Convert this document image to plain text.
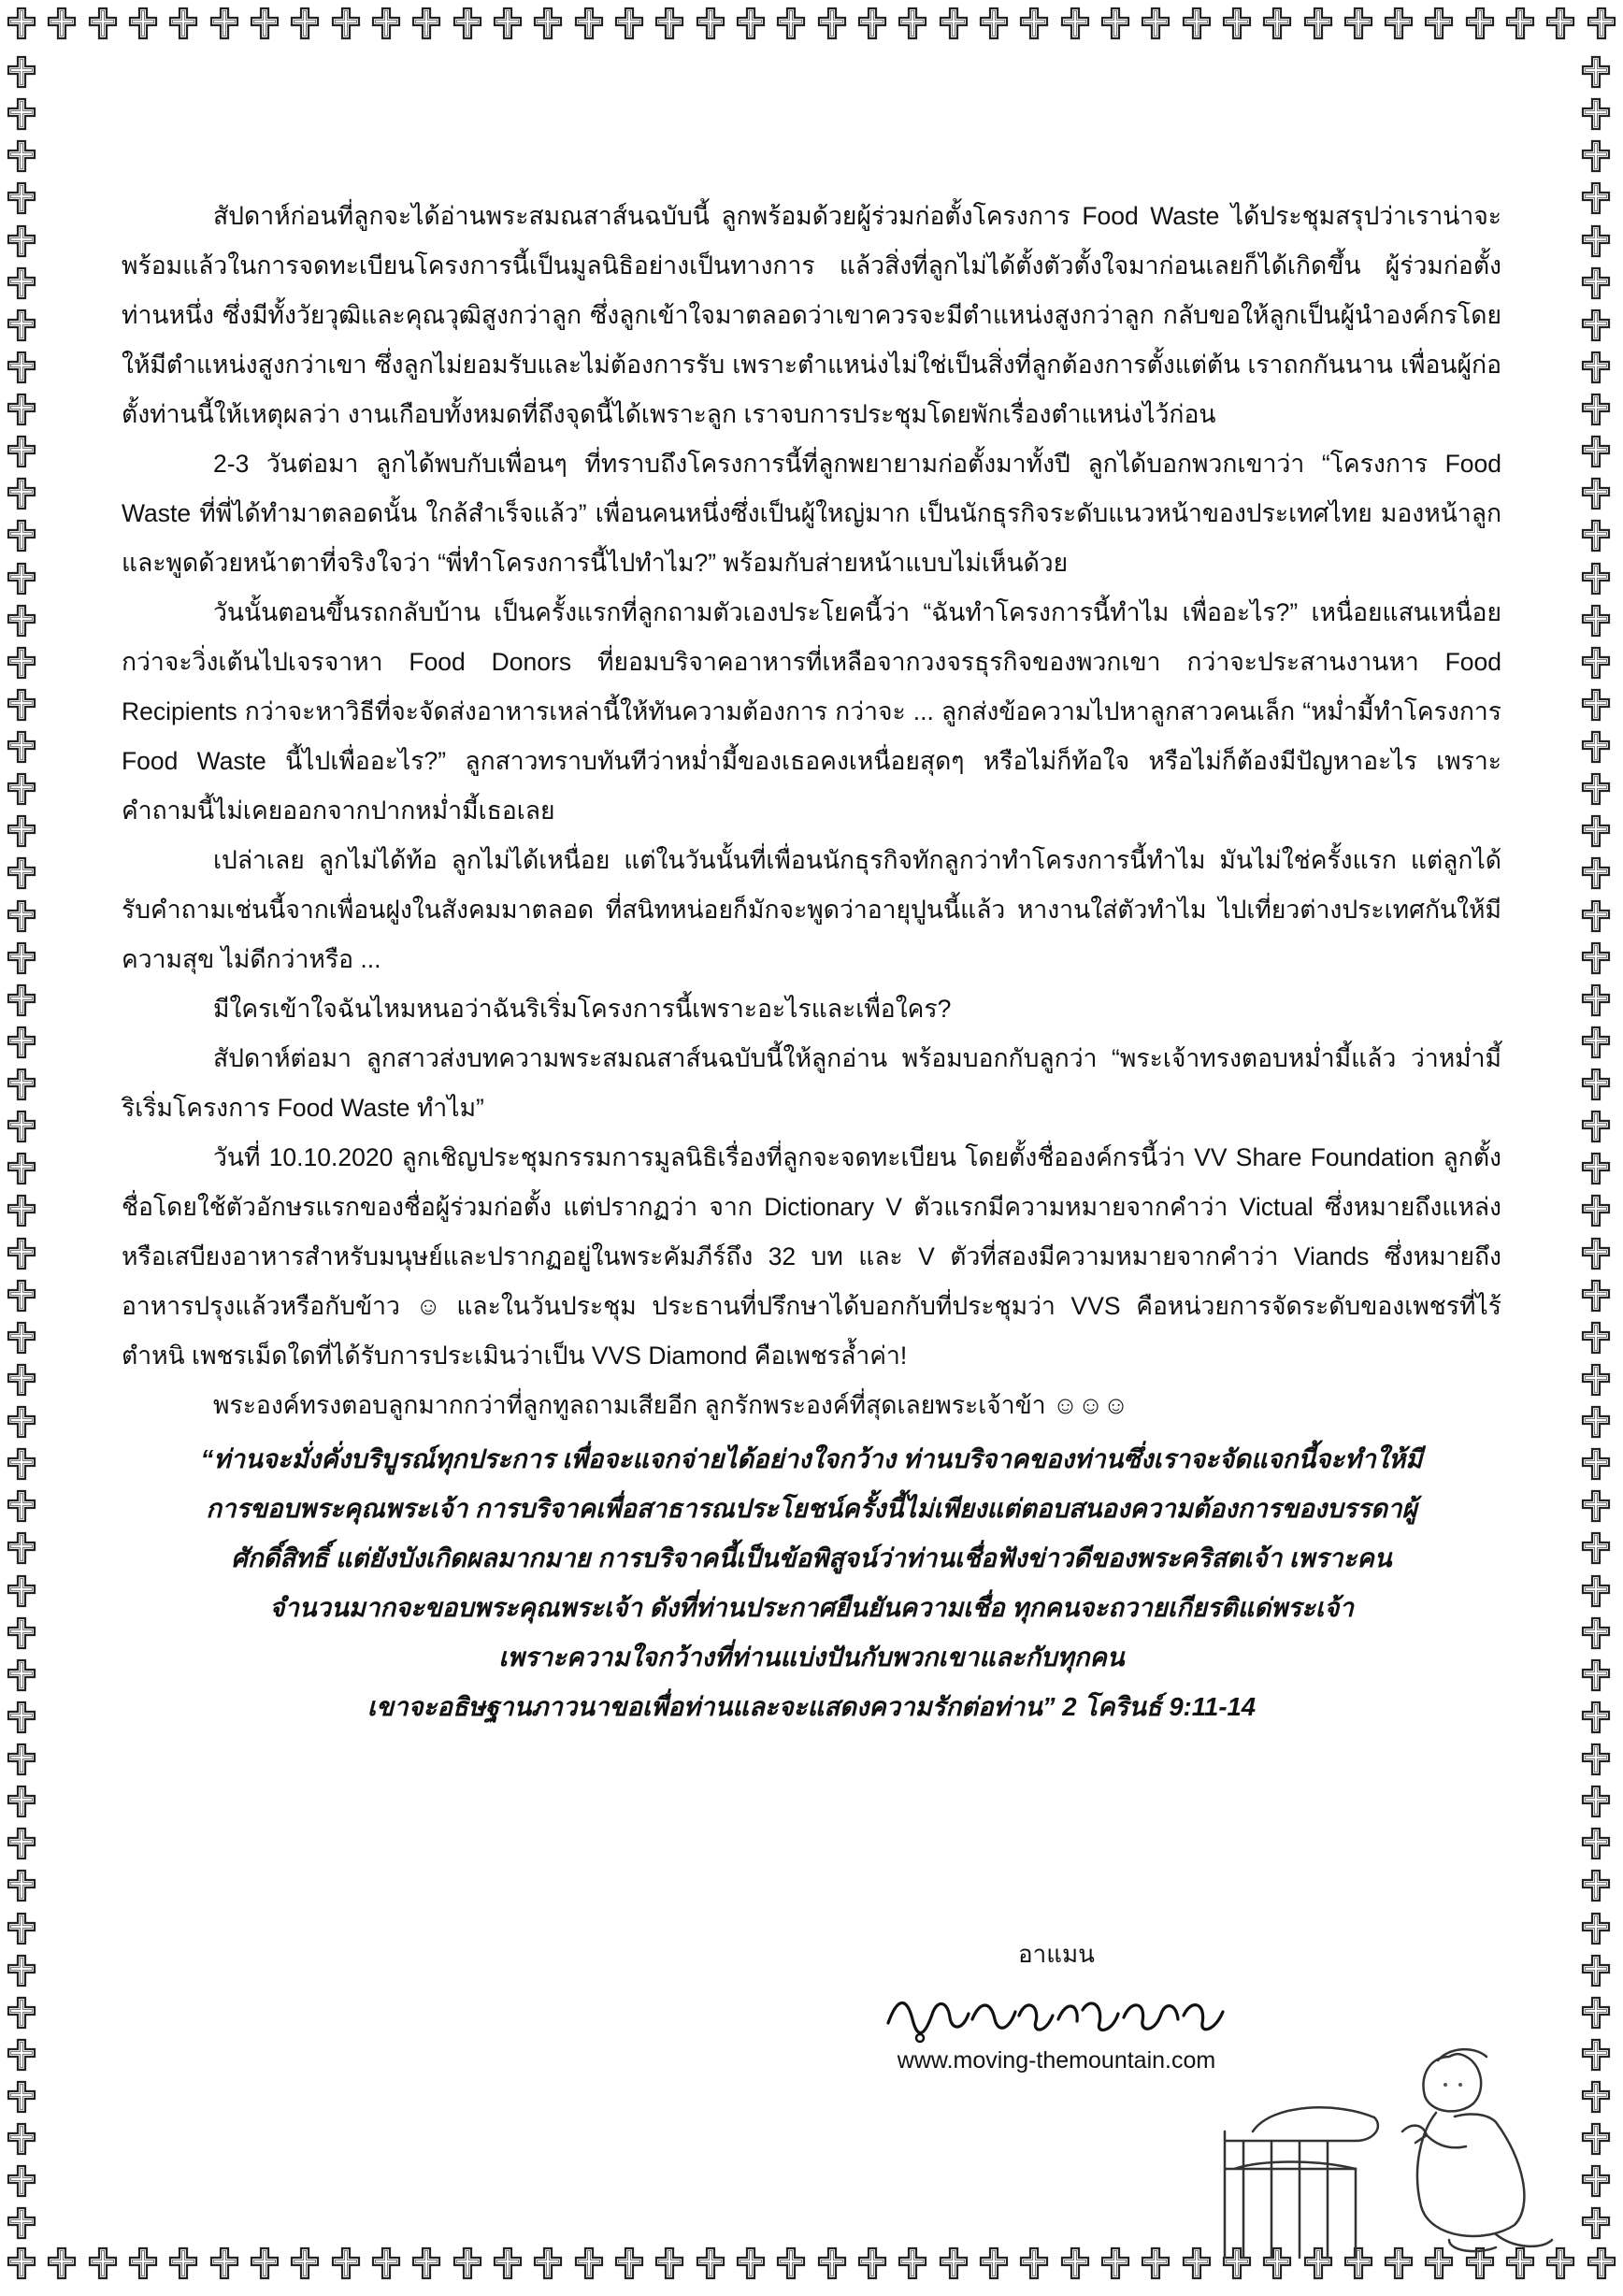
สัปดาห์ก่อนที่ลูกจะได้อ่านพระสมณสาส์นฉบับนี้ ลูกพร้อมด้วยผู้ร่วมก่อตั้งโครงการ Food Waste ได้ประชุมสรุปว่าเราน่าจะพร้อมแล้วในการจดทะเบียนโครงการนี้เป็นมูลนิธิอย่างเป็นทางการ แล้วสิ่งที่ลูกไม่ได้ตั้งตัวตั้งใจมาก่อนเลยก็ได้เกิดขึ้น ผู้ร่วมก่อตั้งท่านหนึ่ง ซึ่งมีทั้งวัยวุฒิและคุณวุฒิสูงกว่าลูก ซึ่งลูกเข้าใจมาตลอดว่าเขาควรจะมีตำแหน่งสูงกว่าลูก กลับขอให้ลูกเป็นผู้นำองค์กรโดยให้มีตำแหน่งสูงกว่าเขา ซึ่งลูกไม่ยอมรับและไม่ต้องการรับ เพราะตำแหน่งไม่ใช่เป็นสิ่งที่ลูกต้องการตั้งแต่ต้น เราถกกันนาน เพื่อนผู้ก่อตั้งท่านนี้ให้เหตุผลว่า งานเกือบทั้งหมดที่ถึงจุดนี้ได้เพราะลูก เราจบการประชุมโดยพักเรื่องตำแหน่งไว้ก่อน

2-3 วันต่อมา ลูกได้พบกับเพื่อนๆ ที่ทราบถึงโครงการนี้ที่ลูกพยายามก่อตั้งมาทั้งปี ลูกได้บอกพวกเขาว่า “โครงการ Food Waste ที่พี่ได้ทำมาตลอดนั้น ใกล้สำเร็จแล้ว” เพื่อนคนหนึ่งซึ่งเป็นผู้ใหญ่มาก เป็นนักธุรกิจระดับแนวหน้าของประเทศไทย มองหน้าลูกและพูดด้วยหน้าตาที่จริงใจว่า “พี่ทำโครงการนี้ไปทำไม?” พร้อมกับส่ายหน้าแบบไม่เห็นด้วย

วันนั้นตอนขึ้นรถกลับบ้าน เป็นครั้งแรกที่ลูกถามตัวเองประโยคนี้ว่า “ฉันทำโครงการนี้ทำไม เพื่ออะไร?” เหนื่อยแสนเหนื่อย กว่าจะวิ่งเต้นไปเจรจาหา Food Donors ที่ยอมบริจาคอาหารที่เหลือจากวงจรธุรกิจของพวกเขา กว่าจะประสานงานหา Food Recipients กว่าจะหาวิธีที่จะจัดส่งอาหารเหล่านี้ให้ทันความต้องการ กว่าจะ ... ลูกส่งข้อความไปหาลูกสาวคนเล็ก “หม่ำมี้ทำโครงการ Food Waste นี้ไปเพื่ออะไร?” ลูกสาวทราบทันทีว่าหม่ำมี้ของเธอคงเหนื่อยสุดๆ หรือไม่ก็ท้อใจ หรือไม่ก็ต้องมีปัญหาอะไร เพราะคำถามนี้ไม่เคยออกจากปากหม่ำมี้เธอเลย

เปล่าเลย ลูกไม่ได้ท้อ ลูกไม่ได้เหนื่อย แต่ในวันนั้นที่เพื่อนนักธุรกิจทักลูกว่าทำโครงการนี้ทำไม มันไม่ใช่ครั้งแรก แต่ลูกได้รับคำถามเช่นนี้จากเพื่อนฝูงในสังคมมาตลอด ที่สนิทหน่อยก็มักจะพูดว่าอายุปูนนี้แล้ว หางานใส่ตัวทำไม ไปเที่ยวต่างประเทศกันให้มีความสุข ไม่ดีกว่าหรือ ...

มีใครเข้าใจฉันไหมหนอว่าฉันริเริ่มโครงการนี้เพราะอะไรและเพื่อใคร?

สัปดาห์ต่อมา ลูกสาวส่งบทความพระสมณสาส์นฉบับนี้ให้ลูกอ่าน พร้อมบอกกับลูกว่า “พระเจ้าทรงตอบหม่ำมี้แล้ว ว่าหม่ำมี้ริเริ่มโครงการ Food Waste ทำไม”

วันที่ 10.10.2020 ลูกเชิญประชุมกรรมการมูลนิธิเรื่องที่ลูกจะจดทะเบียน โดยตั้งชื่อองค์กรนี้ว่า VV Share Foundation ลูกตั้งชื่อโดยใช้ตัวอักษรแรกของชื่อผู้ร่วมก่อตั้ง แต่ปรากฏว่า จาก Dictionary V ตัวแรกมีความหมายจากคำว่า Victual ซึ่งหมายถึงแหล่งหรือเสบียงอาหารสำหรับมนุษย์และปรากฏอยู่ในพระคัมภีร์ถึง 32 บท และ V ตัวที่สองมีความหมายจากคำว่า Viands ซึ่งหมายถึงอาหารปรุงแล้วหรือกับข้าว ☺ และในวันประชุม ประธานที่ปรึกษาได้บอกกับที่ประชุมว่า VVS คือหน่วยการจัดระดับของเพชรที่ไร้ตำหนิ เพชรเม็ดใดที่ได้รับการประเมินว่าเป็น VVS Diamond คือเพชรล้ำค่า!

พระองค์ทรงตอบลูกมากกว่าที่ลูกทูลถามเสียอีก ลูกรักพระองค์ที่สุดเลยพระเจ้าข้า ☺☺☺

“ท่านจะมั่งคั่งบริบูรณ์ทุกประการ เพื่อจะแจกจ่ายได้อย่างใจกว้าง ท่านบริจาคของท่านซึ่งเราจะจัดแจกนี้จะทำให้มี
การขอบพระคุณพระเจ้า การบริจาคเพื่อสาธารณประโยชน์ครั้งนี้ไม่เพียงแต่ตอบสนองความต้องการของบรรดาผู้
ศักดิ์สิทธิ์ แต่ยังบังเกิดผลมากมาย การบริจาคนี้เป็นข้อพิสูจน์ว่าท่านเชื่อฟังข่าวดีของพระคริสตเจ้า เพราะคน
จำนวนมากจะขอบพระคุณพระเจ้า ดังที่ท่านประกาศยืนยันความเชื่อ ทุกคนจะถวายเกียรติแด่พระเจ้า
เพราะความใจกว้างที่ท่านแบ่งปันกับพวกเขาและกับทุกคน
เขาจะอธิษฐานภาวนาขอเพื่อท่านและจะแสดงความรักต่อท่าน” 2 โครินธ์ 9:11-14
อาแมน
www.moving-themountain.com
